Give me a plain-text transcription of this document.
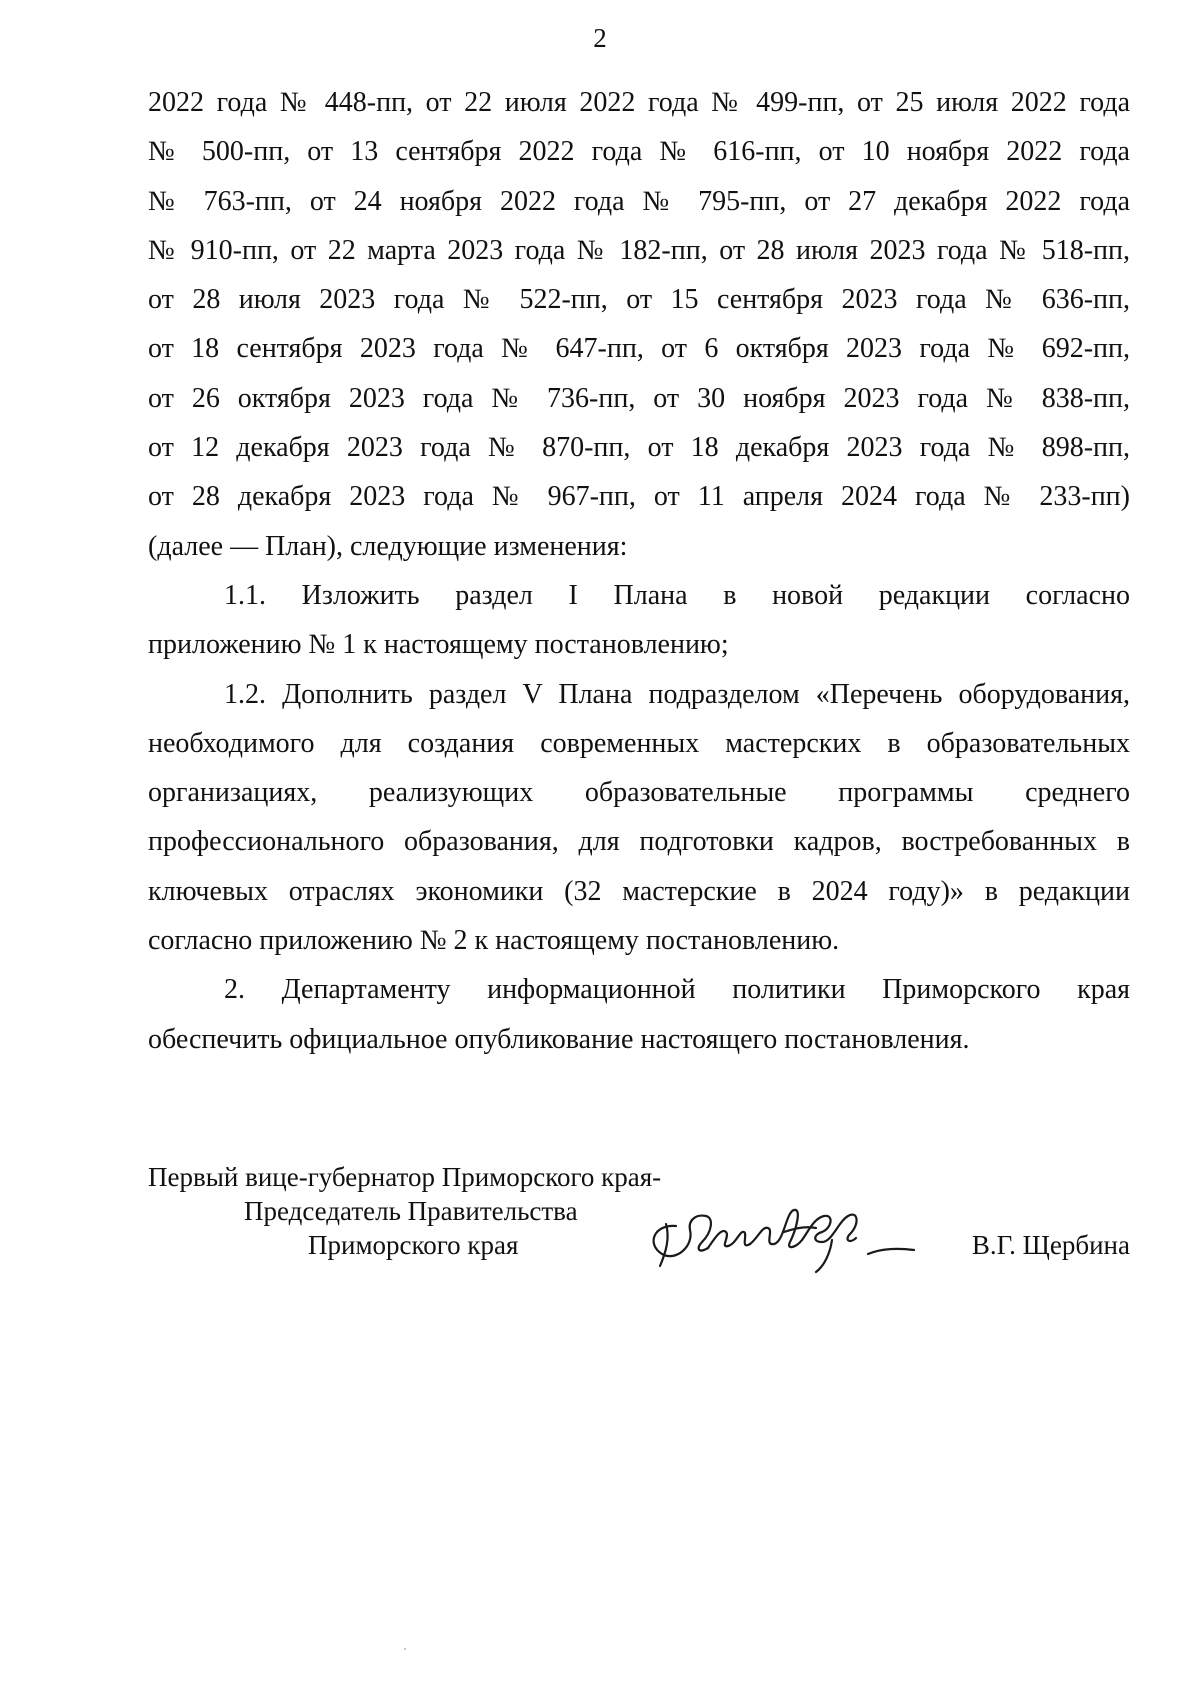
2
2022 года № 448-пп, от 22 июля 2022 года № 499-пп, от 25 июля 2022 года
№ 500-пп, от 13 сентября 2022 года № 616-пп, от 10 ноября 2022 года
№ 763-пп, от 24 ноября 2022 года № 795-пп, от 27 декабря 2022 года
№ 910-пп, от 22 марта 2023 года № 182-пп, от 28 июля 2023 года № 518-пп,
от 28 июля 2023 года № 522-пп, от 15 сентября 2023 года № 636-пп,
от 18 сентября 2023 года № 647-пп, от 6 октября 2023 года № 692-пп,
от 26 октября 2023 года № 736-пп, от 30 ноября 2023 года № 838-пп,
от 12 декабря 2023 года № 870-пп, от 18 декабря 2023 года № 898-пп,
от 28 декабря 2023 года № 967-пп, от 11 апреля 2024 года № 233-пп)
(далее — План), следующие изменения:
1.1. Изложить раздел I Плана в новой редакции согласно
приложению № 1 к настоящему постановлению;
1.2. Дополнить раздел V Плана подразделом «Перечень оборудования,
необходимого для создания современных мастерских в образовательных
организациях, реализующих образовательные программы среднего
профессионального образования, для подготовки кадров, востребованных в
ключевых отраслях экономики (32 мастерские в 2024 году)» в редакции
согласно приложению № 2 к настоящему постановлению.
2. Департаменту информационной политики Приморского края
обеспечить официальное опубликование настоящего постановления.
Первый вице-губернатор Приморского края-
Председатель Правительства
Приморского края	В.Г. Щербина
